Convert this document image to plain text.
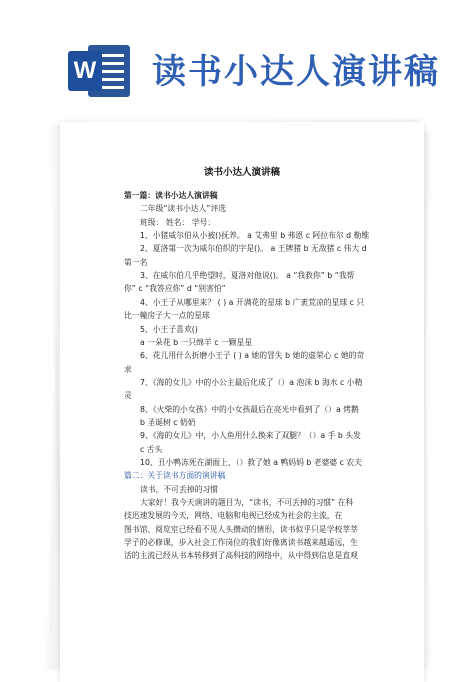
W 读书小达人演讲稿
读书小达人演讲稿
第一篇：读书小达人演讲稿
二年级“读书小达人”评选
班级： 姓名： 学号：
1、小猪威尔伯从小被()抚养。 a 艾弗里 b 弗恩 c 阿拉布尔 d 勒维
2、夏洛第一次为威尔伯织的字是()。 a 王牌猪 b 无敌猪 c 伟大 d
第一名
3、在威尔伯几乎绝望时，夏洛对他说()。 a “我救你” b “我帮
你” c “我答应你” d “别害怕”
4、小王子从哪里来？ ( ) a 开满花的星球 b 广袤荒凉的星球 c 只
比一幢房子大一点的星球
5、小王子喜欢()
a 一朵花 b 一只绵羊 c 一颗星星
6、花儿用什么折磨小王子 ( ) a 她的冒失 b 她的虚荣心 c 她的苛
求
7、《海的女儿》中的小公主最后化成了（）a 泡沫 b 海水 c 小精
灵
8、《火柴的小女孩》中的小女孩最后在亮光中看到了（）a 烤鹅
b 圣诞树 c 奶奶
9、《海的女儿》中，小人鱼用什么换来了双腿？（）a 手 b 头发
c 舌头
10、丑小鸭冻死在湖面上，（）救了她 a 鸭妈妈 b 老婆婆 c 农夫
篇二：关于读书方面的演讲稿
读书，不可丢掉的习惯
大家好！我今天演讲的题目为，“读书，不可丢掉的习惯” 在科
技迅速发展的今天，网络、电脑和电视已经成为社会的主流，在
图书馆、阅览室已经看不见人头攒动的情形，读书似乎只是学校莘莘
学子的必修课，步入社会工作岗位的我们好像离读书越来越遥远，生
活的主流已经从书本转移到了高科技的网络中，从中得到信息是直观
